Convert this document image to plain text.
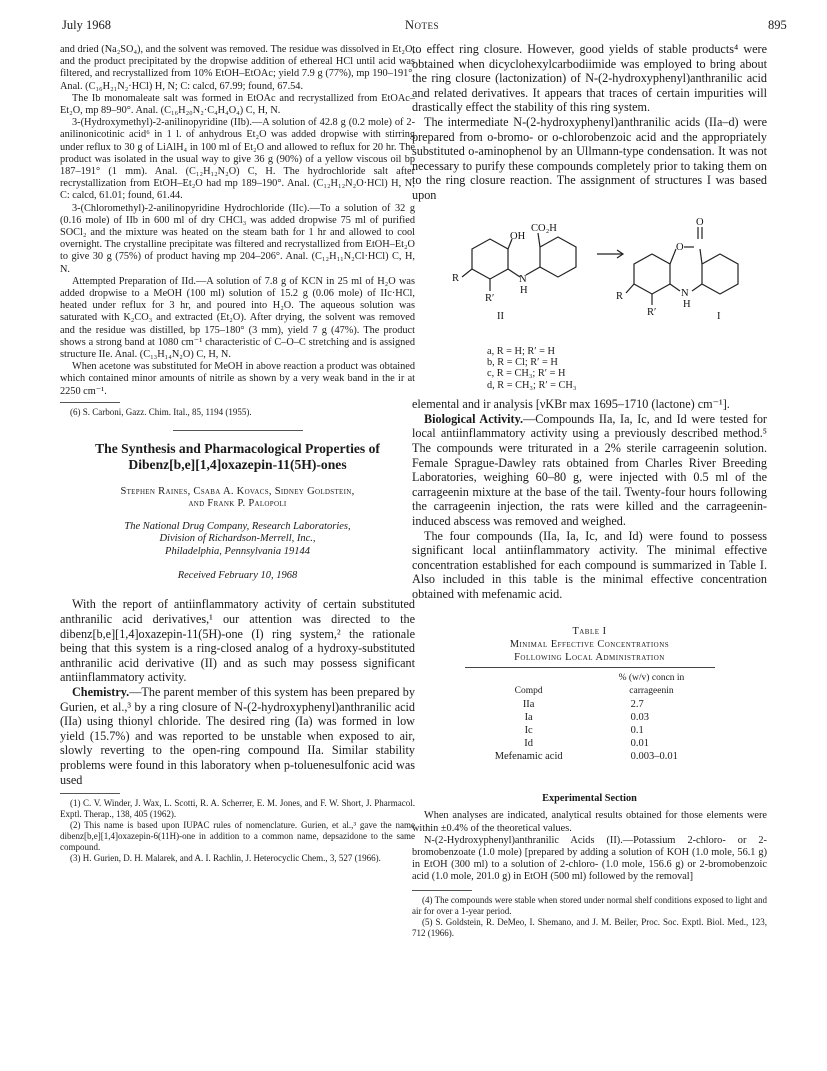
July 1968	Notes	895

and dried (Na₂SO₄), and the solvent was removed. The residue was dissolved in Et₂O, and the product precipitated by the dropwise addition of ethereal HCl until acid was filtered, and recrystallized from 10% EtOH–EtOAc; yield 7.9 g (77%), mp 190–191°. Anal. (C₁₆H₂₁N₂·HCl) H, N; C: calcd, 67.99; found, 67.54.

The Ib monomaleate salt was formed in EtOAc and recrystallized from EtOAc–Et₂O, mp 89–90°. Anal. (C₁₆H₂₀N₂·C₄H₄O₄) C, H, N.

3-(Hydroxymethyl)-2-anilinopyridine (IIb).—A solution of 42.8 g (0.2 mole) of 2-anilinonicotinic acid⁶ in 1 l. of anhydrous Et₂O was added dropwise with stirring under reflux to 30 g of LiAlH₄ in 100 ml of Et₂O and allowed to reflux for 20 hr. The product was isolated in the usual way to give 36 g (90%) of a yellow viscous oil bp 187–191° (1 mm). Anal. (C₁₂H₁₂N₂O) C, H. The hydrochloride salt after recrystallization from EtOH–Et₂O had mp 189–190°. Anal. (C₁₂H₁₂N₂O·HCl) H, N; C: calcd, 61.01; found, 61.44.

3-(Chloromethyl)-2-anilinopyridine Hydrochloride (IIc).—To a solution of 32 g (0.16 mole) of IIb in 600 ml of dry CHCl₃ was added dropwise 75 ml of purified SOCl₂ and the mixture was heated on the steam bath for 1 hr and allowed to cool overnight. The crystalline precipitate was filtered and recrystallized from EtOH–Et₂O to give 30 g (75%) of product having mp 204–206°. Anal. (C₁₂H₁₁N₂Cl·HCl) C, H, N.

Attempted Preparation of IId.—A solution of 7.8 g of KCN in 25 ml of H₂O was added dropwise to a MeOH (100 ml) solution of 15.2 g (0.06 mole) of IIc·HCl, heated under reflux for 3 hr, and poured into H₂O. The aqueous solution was saturated with K₂CO₃ and extracted (Et₂O). After drying, the solvent was removed and the residue was distilled, bp 175–180° (3 mm), yield 7 g (47%). The product shows a strong band at 1080 cm⁻¹ characteristic of C–O–C stretching and is assigned structure IIe. Anal. (C₁₃H₁₄N₂O) C, H, N.

When acetone was substituted for MeOH in above reaction a product was obtained which contained minor amounts of nitrile as shown by a very weak band in the ir at 2250 cm⁻¹.

(6) S. Carboni, Gazz. Chim. Ital., 85, 1194 (1955).

The Synthesis and Pharmacological Properties of Dibenz[b,e][1,4]oxazepin-11(5H)-ones
Stephen Raines, Csaba A. Kovacs, Sidney Goldstein,
and Frank P. Palopoli
The National Drug Company, Research Laboratories,
Division of Richardson-Merrell, Inc.,
Philadelphia, Pennsylvania 19144
Received February 10, 1968

With the report of antiinflammatory activity of certain substituted anthranilic acid derivatives,¹ our attention was directed to the dibenz[b,e][1,4]oxazepin-11(5H)-one (I) ring system,² the rationale being that this system is a ring-closed analog of a hydroxy-substituted anthranilic acid derivative (II) and as such may possess significant antiinflammatory activity.

Chemistry.—The parent member of this system has been prepared by Gurien, et al.,³ by a ring closure of N-(2-hydroxyphenyl)anthranilic acid (IIa) using thionyl chloride. The desired ring (Ia) was formed in low yield (15.7%) and was reported to be unstable when exposed to air, slowly reverting to the open-ring compound IIa. Similar stability problems were found in this laboratory when p-toluenesulfonic acid was used

(1) C. V. Winder, J. Wax, L. Scotti, R. A. Scherrer, E. M. Jones, and F. W. Short, J. Pharmacol. Exptl. Therap., 138, 405 (1962).

(2) This name is based upon IUPAC rules of nomenclature. Gurien, et al.,³ gave the name dibenz[b,e][1,4]oxazepin-6(11H)-one in addition to a common name, depsazidone to the same compound.

(3) H. Gurien, D. H. Malarek, and A. I. Rachlin, J. Heterocyclic Chem., 3, 527 (1966).

to effect ring closure. However, good yields of stable products⁴ were obtained when dicyclohexylcarbodiimide was employed to bring about the ring closure (lactonization) of N-(2-hydroxyphenyl)anthranilic acid and related derivatives. It appears that traces of certain impurities will drastically effect the stability of this ring system.

The intermediate N-(2-hydroxyphenyl)anthranilic acids (IIa–d) were prepared from o-bromo- or o-chlorobenzoic acid and the appropriately substituted o-aminophenol by an Ullmann-type condensation. It was not necessary to purify these compounds completely prior to taking them on to the ring closure reaction. The assignment of structures I was based upon

OH
CO₂H
N
H
R
R′
II
O
O
N
H
R
R′	I
a, R = H; R′ = H
b, R = Cl; R′ = H
c, R = CH₃; R′ = H
d, R = CH₃; R′ = CH₃

elemental and ir analysis [νKBr max 1695–1710 (lactone) cm⁻¹].

Biological Activity.—Compounds IIa, Ia, Ic, and Id were tested for local antiinflammatory activity using a previously described method.⁵ The compounds were triturated in a 2% sterile carrageenin solution. Female Sprague-Dawley rats obtained from Charles River Breeding Laboratories, weighing 60–80 g, were injected with 0.5 ml of the carrageenin mixture at the base of the tail. Twenty-four hours following the carrageenin injection, the rats were killed and the carrageenin-induced abscess was removed and weighed.

The four compounds (IIa, Ia, Ic, and Id) were found to possess significant local antiinflammatory activity. The minimal effective concentration established for each compound is summarized in Table I. Also included in this table is the minimal effective concentration obtained with mefenamic acid.

Table I
Minimal Effective Concentrations
Following Local Administration
	% (w/v) concn in
Compd	carrageenin
IIa	2.7
Ia	0.03
Ic	0.1
Id	0.01
Mefenamic acid	0.003–0.01
Experimental Section

When analyses are indicated, analytical results obtained for those elements were within ±0.4% of the theoretical values.

N-(2-Hydroxyphenyl)anthranilic Acids (II).—Potassium 2-chloro- or 2-bromobenzoate (1.0 mole) [prepared by adding a solution of KOH (1.0 mole, 56.1 g) in EtOH (300 ml) to a solution of 2-chloro- (1.0 mole, 156.6 g) or 2-bromobenzoic acid (1.0 mole, 201.0 g) in EtOH (500 ml) followed by the removal]

(4) The compounds were stable when stored under normal shelf conditions exposed to light and air for over a 1-year period.

(5) S. Goldstein, R. DeMeo, I. Shemano, and J. M. Beiler, Proc. Soc. Exptl. Biol. Med., 123, 712 (1966).
